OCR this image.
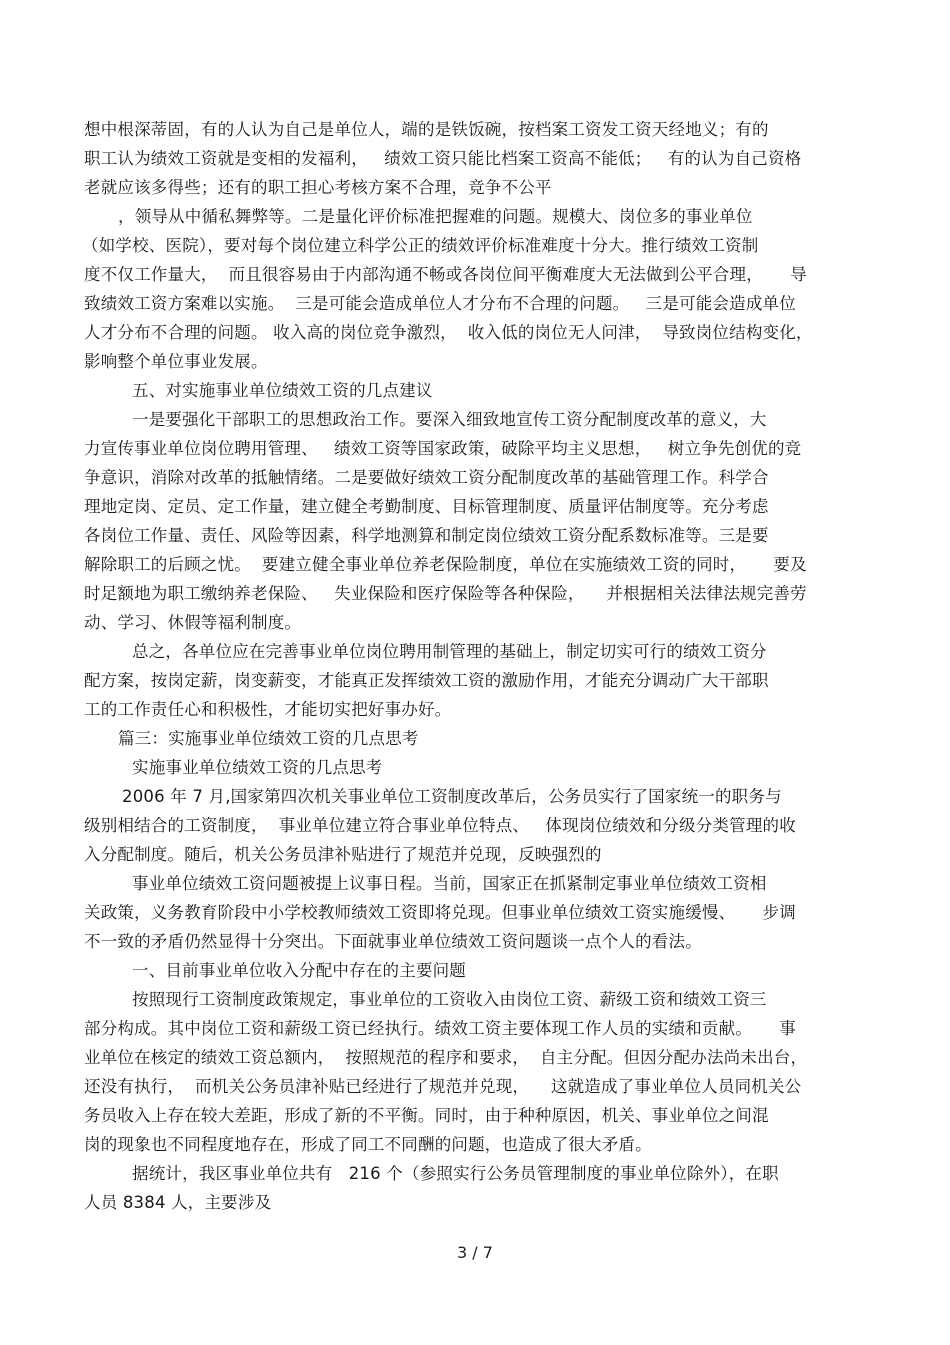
想中根深蒂固，有的人认为自己是单位人，端的是铁饭碗，按档案工资发工资天经地义；有的
职工认为绩效工资就是变相的发福利，   绩效工资只能比档案工资高不能低；   有的认为自己资格
老就应该多得些；还有的职工担心考核方案不合理，竞争不公平
，领导从中循私舞弊等。二是量化评价标准把握难的问题。规模大、岗位多的事业单位
（如学校、医院），要对每个岗位建立科学公正的绩效评价标准难度十分大。推行绩效工资制
度不仅工作量大，  而且很容易由于内部沟通不畅或各岗位间平衡难度大无法做到公平合理，     导
致绩效工资方案难以实施。  三是可能会造成单位人才分布不合理的问题。   三是可能会造成单位
人才分布不合理的问题。 收入高的岗位竞争激烈，  收入低的岗位无人问津，  导致岗位结构变化，
影响整个单位事业发展。
五、对实施事业单位绩效工资的几点建议
一是要强化干部职工的思想政治工作。要深入细致地宣传工资分配制度改革的意义，大
力宣传事业单位岗位聘用管理、   绩效工资等国家政策，破除平均主义思想，   树立争先创优的竞
争意识，消除对改革的抵触情绪。二是要做好绩效工资分配制度改革的基础管理工作。科学合
理地定岗、定员、定工作量，建立健全考勤制度、目标管理制度、质量评估制度等。充分考虑
各岗位工作量、责任、风险等因素，科学地测算和制定岗位绩效工资分配系数标准等。三是要
解除职工的后顾之忧。  要建立健全事业单位养老保险制度，单位在实施绩效工资的同时，     要及
时足额地为职工缴纳养老保险、   失业保险和医疗保险等各种保险，    并根据相关法律法规完善劳
动、学习、休假等福利制度。
总之，各单位应在完善事业单位岗位聘用制管理的基础上，制定切实可行的绩效工资分
配方案，按岗定薪，岗变薪变，才能真正发挥绩效工资的激励作用，才能充分调动广大干部职
工的工作责任心和积极性，才能切实把好事办好。
篇三：实施事业单位绩效工资的几点思考
实施事业单位绩效工资的几点思考
2006 年 7 月,国家第四次机关事业单位工资制度改革后，公务员实行了国家统一的职务与
级别相结合的工资制度，  事业单位建立符合事业单位特点、   体现岗位绩效和分级分类管理的收
入分配制度。随后，机关公务员津补贴进行了规范并兑现，反映强烈的
事业单位绩效工资问题被提上议事日程。当前，国家正在抓紧制定事业单位绩效工资相
关政策，义务教育阶段中小学校教师绩效工资即将兑现。但事业单位绩效工资实施缓慢、     步调
不一致的矛盾仍然显得十分突出。下面就事业单位绩效工资问题谈一点个人的看法。
一、目前事业单位收入分配中存在的主要问题
按照现行工资制度政策规定，事业单位的工资收入由岗位工资、薪级工资和绩效工资三
部分构成。其中岗位工资和薪级工资已经执行。绩效工资主要体现工作人员的实绩和贡献。     事
业单位在核定的绩效工资总额内，  按照规范的程序和要求，  自主分配。但因分配办法尚未出台，
还没有执行，  而机关公务员津补贴已经进行了规范并兑现，    这就造成了事业单位人员同机关公
务员收入上存在较大差距，形成了新的不平衡。同时，由于种种原因，机关、事业单位之间混
岗的现象也不同程度地存在，形成了同工不同酬的问题，也造成了很大矛盾。
据统计，我区事业单位共有   216 个（参照实行公务员管理制度的事业单位除外），在职
人员 8384 人，主要涉及
3 / 7
